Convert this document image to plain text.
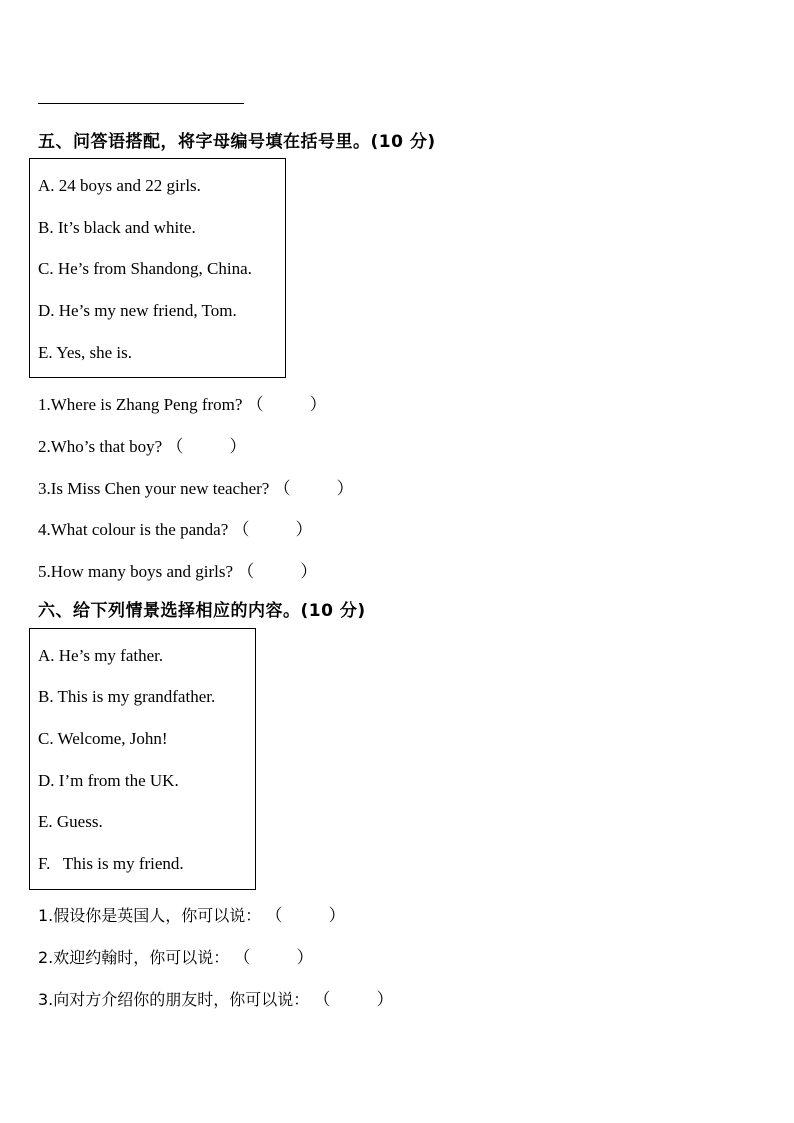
五、问答语搭配，将字母编号填在括号里。(10 分)
A. 24 boys and 22 girls.
B. It’s black and white.
C. He’s from Shandong, China.
D. He’s my new friend, Tom.
E. Yes, she is.
1.Where is Zhang Peng from? （	）
2.Who’s that boy? （	）
3.Is Miss Chen your new teacher? （	）
4.What colour is the panda? （	）
5.How many boys and girls? （	）
六、给下列情景选择相应的内容。(10 分)
A. He’s my father.
B. This is my grandfather.
C. Welcome, John!
D. I’m from the UK.
E. Guess.
F.   This is my friend.
1.假设你是英国人，你可以说： （	）
2.欢迎约翰时，你可以说： （	）
3.向对方介绍你的朋友时，你可以说： （	）
